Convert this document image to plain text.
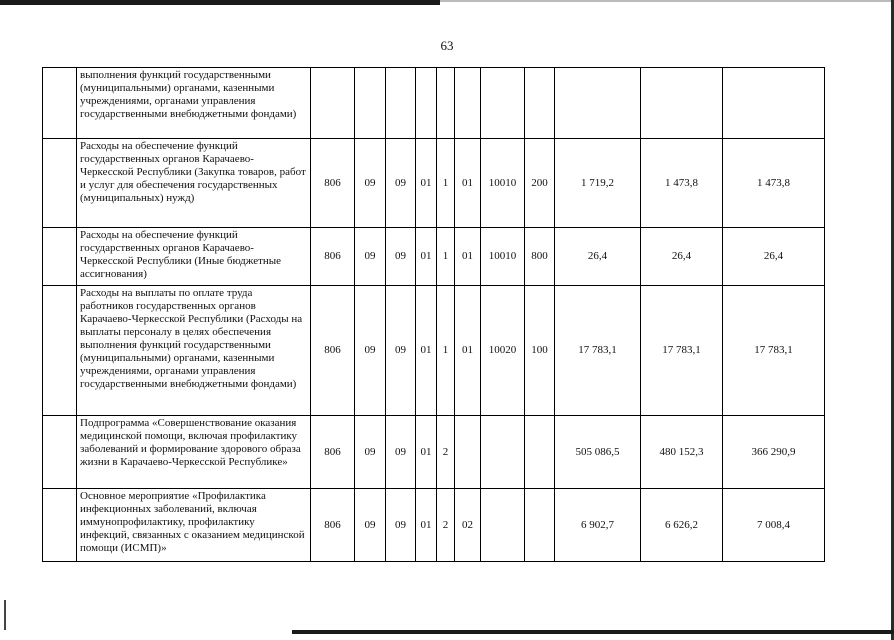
63
	выполнения функций государственными (муниципальными) органами, казенными учреждениями, органами управления государственными внебюджетными фондами)											
	Расходы на обеспечение функций государственных органов Карачаево-Черкесской Республики (Закупка товаров, работ и услуг для обеспечения государственных (муниципальных) нужд)	806	09	09	01	1	01	10010	200	1 719,2	1 473,8	1 473,8
	Расходы на обеспечение функций государственных органов Карачаево-Черкесской Республики (Иные бюджетные ассигнования)	806	09	09	01	1	01	10010	800	26,4	26,4	26,4
	Расходы на выплаты по оплате труда работников государственных органов Карачаево-Черкесской Республики (Расходы на выплаты персоналу в целях обеспечения выполнения функций государственными (муниципальными) органами, казенными учреждениями, органами управления государственными внебюджетными фондами)	806	09	09	01	1	01	10020	100	17 783,1	17 783,1	17 783,1
	Подпрограмма «Совершенствование оказания медицинской помощи, включая профилактику заболеваний и формирование здорового образа жизни в Карачаево-Черкесской Республике»	806	09	09	01	2				505 086,5	480 152,3	366 290,9
	Основное мероприятие «Профилактика инфекционных заболеваний, включая иммунопрофилактику, профилактику инфекций, связанных с оказанием медицинской помощи (ИСМП)»	806	09	09	01	2	02			6 902,7	6 626,2	7 008,4
